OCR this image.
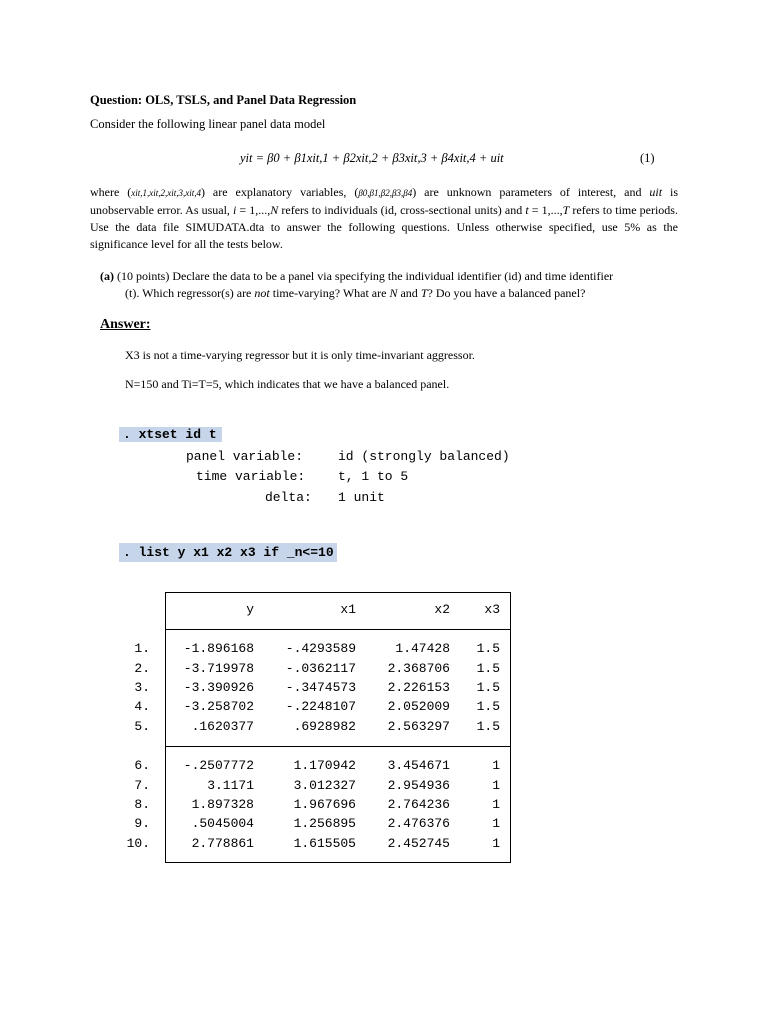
Question: OLS, TSLS, and Panel Data Regression
Consider the following linear panel data model
yit = β0 + β1xit,1 + β2xit,2 + β3xit,3 + β4xit,4 + uit	(1)
where (xit,1,xit,2,xit,3,xit,4) are explanatory variables, (β0,β1,β2,β3,β4) are unknown parameters of interest, and uit is unobservable error. As usual, i = 1,...,N refers to individuals (id, cross-sectional units) and t = 1,...,T refers to time periods. Use the data file SIMUDATA.dta to answer the following questions. Unless otherwise specified, use 5% as the significance level for all the tests below.
(a) (10 points) Declare the data to be a panel via specifying the individual identifier (id) and time identifier
(t). Which regressor(s) are not time-varying? What are N and T? Do you have a balanced panel?
Answer:
X3 is not a time-varying regressor but it is only time-invariant aggressor.
N=150 and Ti=T=5, which indicates that we have a balanced panel.
. xtset id t
panel variable:	id (strongly balanced)
time variable:	t, 1 to 5
delta: 1 unit
. list y x1 x2 x3 if _n<=10
y	x1	x2	x3
1.	-1.896168 -.4293589	1.47428 1.5
2.	-3.719978 -.0362117 2.368706 1.5
3.	-3.390926 -.3474573 2.226153 1.5
4.	-3.258702 -.2248107 2.052009 1.5
5.	.1620377	.6928982 2.563297 1.5
6.	-.2507772	1.170942 3.454671	1
7.	3.1171	3.012327 2.954936	1
8.	1.897328	1.967696 2.764236	1
9.	.5045004	1.256895 2.476376	1
10.	2.778861	1.615505 2.452745	1
